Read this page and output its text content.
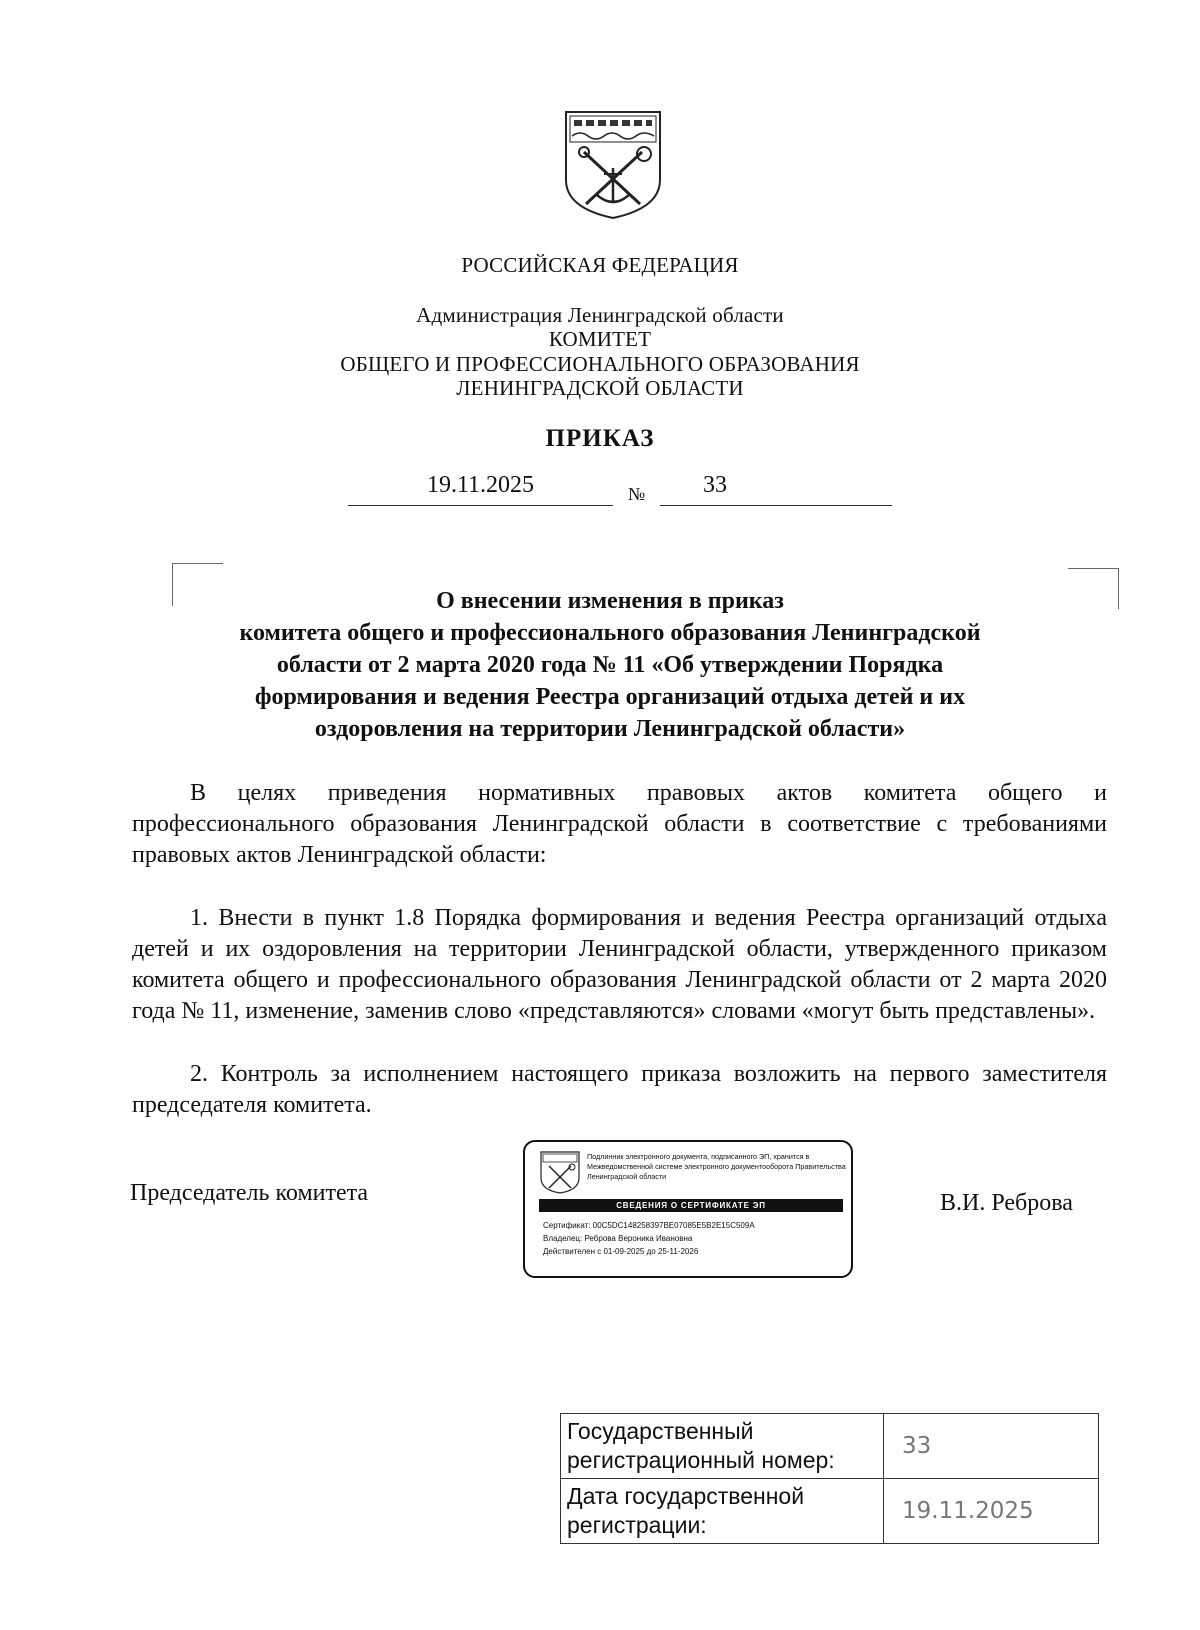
РОССИЙСКАЯ ФЕДЕРАЦИЯ
Администрация Ленинградской области
КОМИТЕТ
ОБЩЕГО И ПРОФЕССИОНАЛЬНОГО ОБРАЗОВАНИЯ
ЛЕНИНГРАДСКОЙ ОБЛАСТИ
ПРИКАЗ
19.11.2025	№	33
О внесении изменения в приказ
комитета общего и профессионального образования Ленинградской
области от 2 марта 2020 года № 11 «Об утверждении Порядка
формирования и ведения Реестра организаций отдыха детей и их
оздоровления на территории Ленинградской области»
В целях приведения нормативных правовых актов комитета общего и профессионального образования Ленинградской области в соответствие с требованиями правовых актов Ленинградской области:
1. Внести в пункт 1.8 Порядка формирования и ведения Реестра организаций отдыха детей и их оздоровления на территории Ленинградской области, утвержденного приказом комитета общего и профессионального образования Ленинградской области от 2 марта 2020 года № 11, изменение, заменив слово «представляются» словами «могут быть представлены».
2. Контроль за исполнением настоящего приказа возложить на первого заместителя председателя комитета.
Председатель комитета	В.И. Реброва
Подлинник электронного документа, подписанного ЭП, хранится в Межведомственной системе электронного документооборота Правительства Ленинградской области
СВЕДЕНИЯ О СЕРТИФИКАТЕ ЭП
Сертификат: 00C5DC148258397BE07085E5B2E15C509A
Владелец: Реброва Вероника Ивановна
Действителен с 01-09-2025 до 25-11-2026
Государственный регистрационный номер:	33
Дата государственной регистрации:	19.11.2025
